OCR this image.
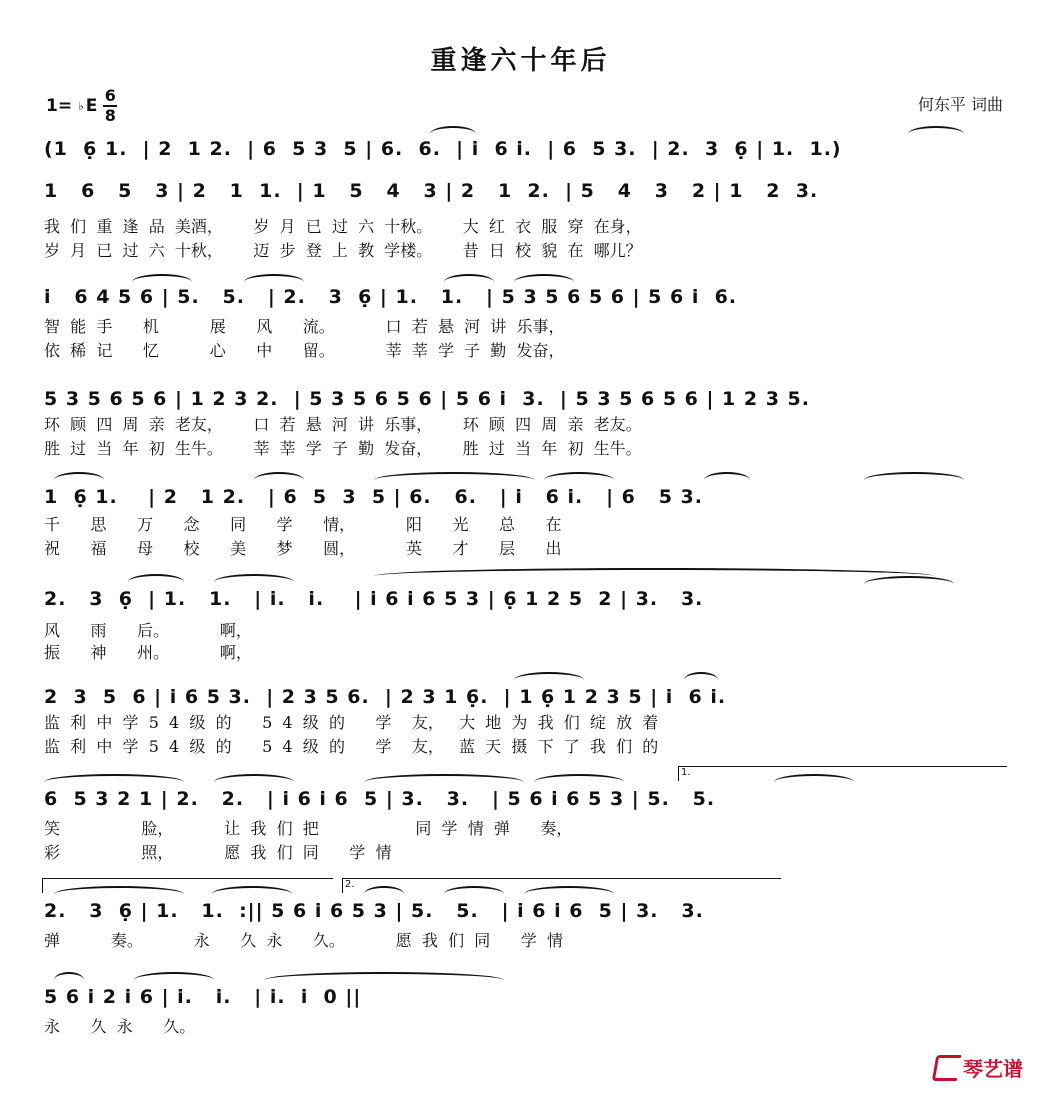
重逢六十年后
1= ♭ E $\frac{6}{8}$	何东平 词曲
(1  6̣ 1.  | 2  1 2.  | 6  5 3  5 | 6.  6.  | i  6 i.  | 6  5 3.  | 2.  3  6̣ | 1.  1.)
1   6   5   3 | 2   1  1.  | 1   5   4   3 | 2   1  2.  | 5   4   3   2 | 1   2  3.
我  们  重  逢  品  美酒，      岁  月  已  过  六  十秋。      大  红  衣  服  穿  在身，
岁  月  已  过  六  十秋，      迈  步  登  上  教  学楼。      昔  日  校  貌  在  哪儿？
i   6 4 5 6 | 5.   5.   | 2.   3  6̣ | 1.   1.   | 5 3 5 6 5 6 | 5 6 i  6.
智  能  手      机          展      风      流。          口  若  悬  河  讲  乐事，
依  稀  记      忆          心      中      留。          莘  莘  学  子  勤  发奋，
5 3 5 6 5 6 | 1 2 3 2.  | 5 3 5 6 5 6 | 5 6 i  3.  | 5 3 5 6 5 6 | 1 2 3 5.
环  顾  四  周  亲  老友，      口  若  悬  河  讲  乐事，      环  顾  四  周  亲  老友。
胜  过  当  年  初  生牛。      莘  莘  学  子  勤  发奋，      胜  过  当  年  初  生牛。
1  6̣ 1.    | 2   1 2.   | 6  5  3  5 | 6.   6.   | i   6 i.   | 6   5 3.
千      思      万      念      同      学      情，          阳      光      总      在
祝      福      母      校      美      梦      圆，          英      才      层      出
2.   3  6̣  | 1.   1.   | i.   i.    | i 6 i 6 5 3 | 6̣ 1 2 5  2 | 3.   3.
风      雨      后。          啊，
振      神      州。          啊，
2  3  5  6 | i 6 5 3.  | 2 3 5 6.  | 2 3 1 6̣.  | 1 6̣ 1 2 3 5 | i  6 i.
监  利  中  学  5  4  级  的      5  4  级  的      学    友，   大  地  为  我  们  绽  放  着
监  利  中  学  5  4  级  的      5  4  级  的      学    友，   蓝  天  摄  下  了  我  们  的
6  5 3 2 1 | 2.   2.   | i 6 i 6  5 | 3.   3.   | 5 6 i 6 5 3 | 5.   5.
1.
笑                脸，          让  我  们  把                   同  学  情  弹      奏，
彩                照，          愿  我  们  同      学  情
2.   3  6̣ | 1.   1.  :|| 5 6 i 6 5 3 | 5.   5.   | i 6 i 6  5 | 3.   3.
2.
弹          奏。          永      久  永      久。          愿  我  们  同      学  情
5 6 i 2 i 6 | i.   i.   | i.  i  0 ||
永      久  永      久。
琴艺谱
